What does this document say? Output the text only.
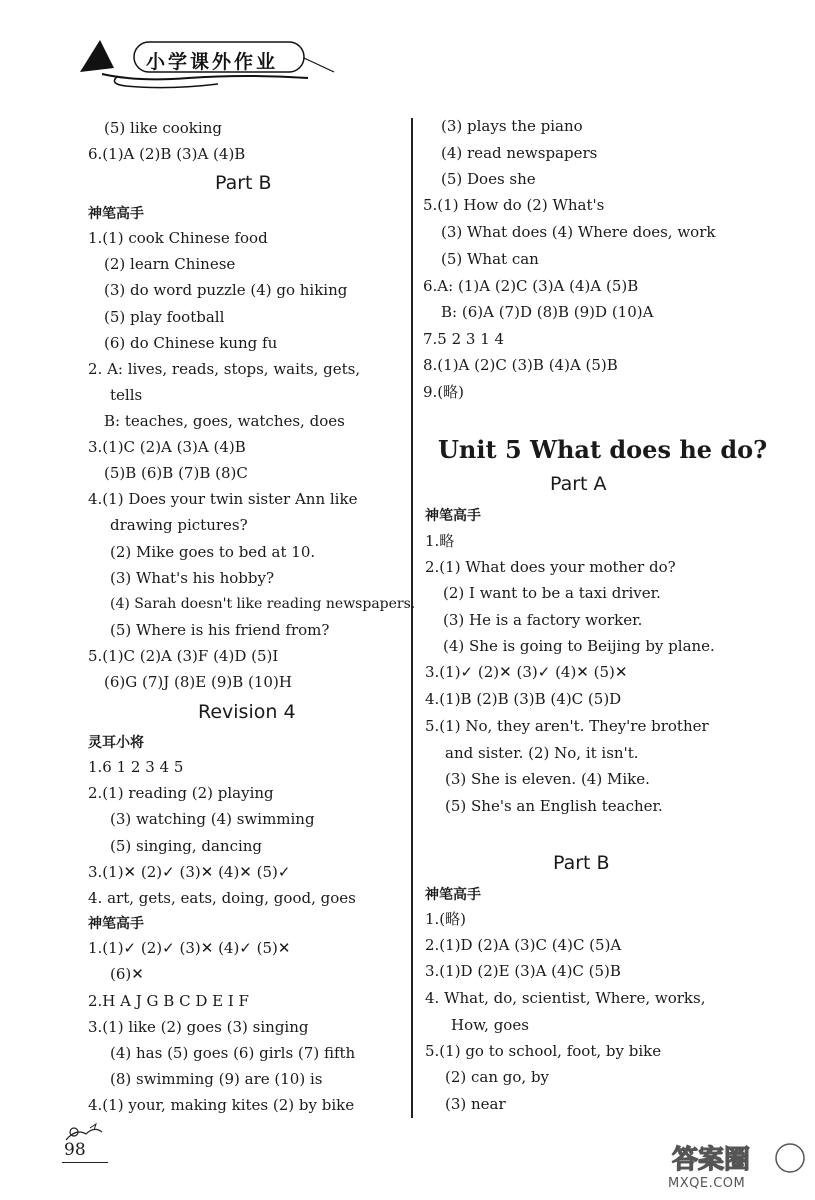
小学课外作业
(5) like cooking
6.(1)A (2)B (3)A (4)B
Part B
神笔高手
1.(1) cook Chinese food
(2) learn Chinese
(3) do word puzzle (4) go hiking
(5) play football
(6) do Chinese kung fu
2. A: lives, reads, stops, waits, gets,
tells
B: teaches, goes, watches, does
3.(1)C (2)A (3)A (4)B
(5)B (6)B (7)B (8)C
4.(1) Does your twin sister Ann like
drawing pictures?
(2) Mike goes to bed at 10.
(3) What's his hobby?
(4) Sarah doesn't like reading newspapers.
(5) Where is his friend from?
5.(1)C (2)A (3)F (4)D (5)I
(6)G (7)J (8)E (9)B (10)H
Revision 4
灵耳小将
1.6 1 2 3 4 5
2.(1) reading (2) playing
(3) watching (4) swimming
(5) singing, dancing
3.(1)✕ (2)✓ (3)✕ (4)✕ (5)✓
4. art, gets, eats, doing, good, goes
神笔高手
1.(1)✓ (2)✓ (3)✕ (4)✓ (5)✕
(6)✕
2.H A J G B C D E I F
3.(1) like (2) goes (3) singing
(4) has (5) goes (6) girls (7) fifth
(8) swimming (9) are (10) is
4.(1) your, making kites (2) by bike
(3) plays the piano
(4) read newspapers
(5) Does she
5.(1) How do (2) What's
(3) What does (4) Where does, work
(5) What can
6.A: (1)A (2)C (3)A (4)A (5)B
B: (6)A (7)D (8)B (9)D (10)A
7.5 2 3 1 4
8.(1)A (2)C (3)B (4)A (5)B
9.(略)
Unit 5 What does he do?
Part A
神笔高手
1.略
2.(1) What does your mother do?
(2) I want to be a taxi driver.
(3) He is a factory worker.
(4) She is going to Beijing by plane.
3.(1)✓ (2)✕ (3)✓ (4)✕ (5)✕
4.(1)B (2)B (3)B (4)C (5)D
5.(1) No, they aren't. They're brother
and sister. (2) No, it isn't.
(3) She is eleven. (4) Mike.
(5) She's an English teacher.
Part B
神笔高手
1.(略)
2.(1)D (2)A (3)C (4)C (5)A
3.(1)D (2)E (3)A (4)C (5)B
4. What, do, scientist, Where, works,
How, goes
5.(1) go to school, foot, by bike
(2) can go, by
(3) near
98	答案圈
MXQE.COM
